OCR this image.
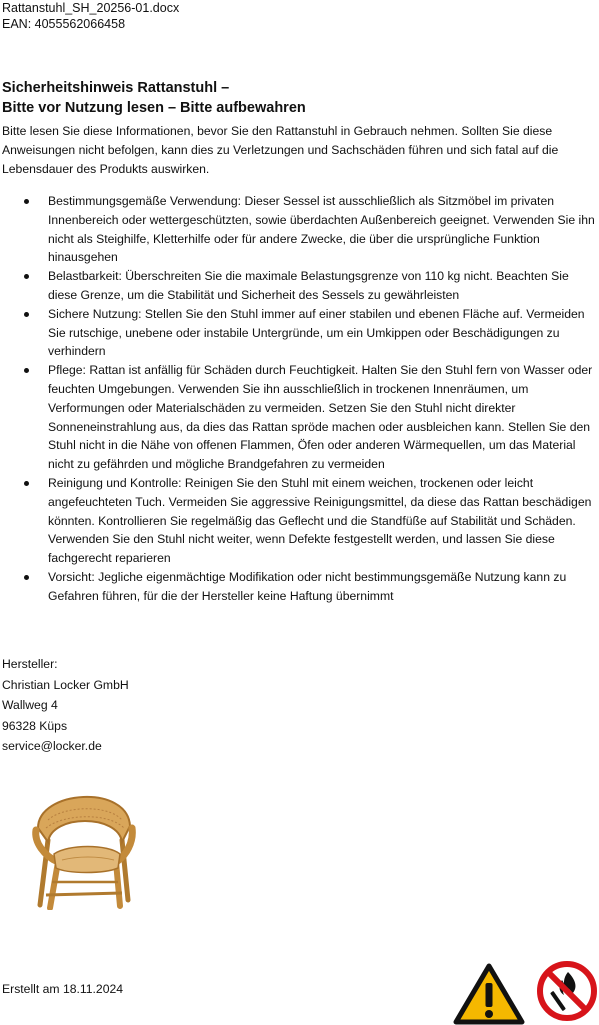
Rattanstuhl_SH_20256-01.docx
EAN: 4055562066458
Sicherheitshinweis Rattanstuhl –
Bitte vor Nutzung lesen – Bitte aufbewahren
Bitte lesen Sie diese Informationen, bevor Sie den Rattanstuhl in Gebrauch nehmen. Sollten Sie diese Anweisungen nicht befolgen, kann dies zu Verletzungen und Sachschäden führen und sich fatal auf die Lebensdauer des Produkts auswirken.
Bestimmungsgemäße Verwendung: Dieser Sessel ist ausschließlich als Sitzmöbel im privaten Innenbereich oder wettergeschützten, sowie überdachten Außenbereich geeignet. Verwenden Sie ihn nicht als Steighilfe, Kletterhilfe oder für andere Zwecke, die über die ursprüngliche Funktion hinausgehen
Belastbarkeit: Überschreiten Sie die maximale Belastungsgrenze von 110 kg nicht. Beachten Sie diese Grenze, um die Stabilität und Sicherheit des Sessels zu gewährleisten
Sichere Nutzung: Stellen Sie den Stuhl immer auf einer stabilen und ebenen Fläche auf. Vermeiden Sie rutschige, unebene oder instabile Untergründe, um ein Umkippen oder Beschädigungen zu verhindern
Pflege: Rattan ist anfällig für Schäden durch Feuchtigkeit. Halten Sie den Stuhl fern von Wasser oder feuchten Umgebungen. Verwenden Sie ihn ausschließlich in trockenen Innenräumen, um Verformungen oder Materialschäden zu vermeiden. Setzen Sie den Stuhl nicht direkter Sonneneinstrahlung aus, da dies das Rattan spröde machen oder ausbleichen kann. Stellen Sie den Stuhl nicht in die Nähe von offenen Flammen, Öfen oder anderen Wärmequellen, um das Material nicht zu gefährden und mögliche Brandgefahren zu vermeiden
Reinigung und Kontrolle: Reinigen Sie den Stuhl mit einem weichen, trockenen oder leicht angefeuchteten Tuch. Vermeiden Sie aggressive Reinigungsmittel, da diese das Rattan beschädigen könnten. Kontrollieren Sie regelmäßig das Geflecht und die Standfüße auf Stabilität und Schäden. Verwenden Sie den Stuhl nicht weiter, wenn Defekte festgestellt werden, und lassen Sie diese fachgerecht reparieren
Vorsicht: Jegliche eigenmächtige Modifikation oder nicht bestimmungsgemäße Nutzung kann zu Gefahren führen, für die der Hersteller keine Haftung übernimmt
Hersteller:
Christian Locker GmbH
Wallweg 4
96328 Küps
service@locker.de
Erstellt am 18.11.2024
